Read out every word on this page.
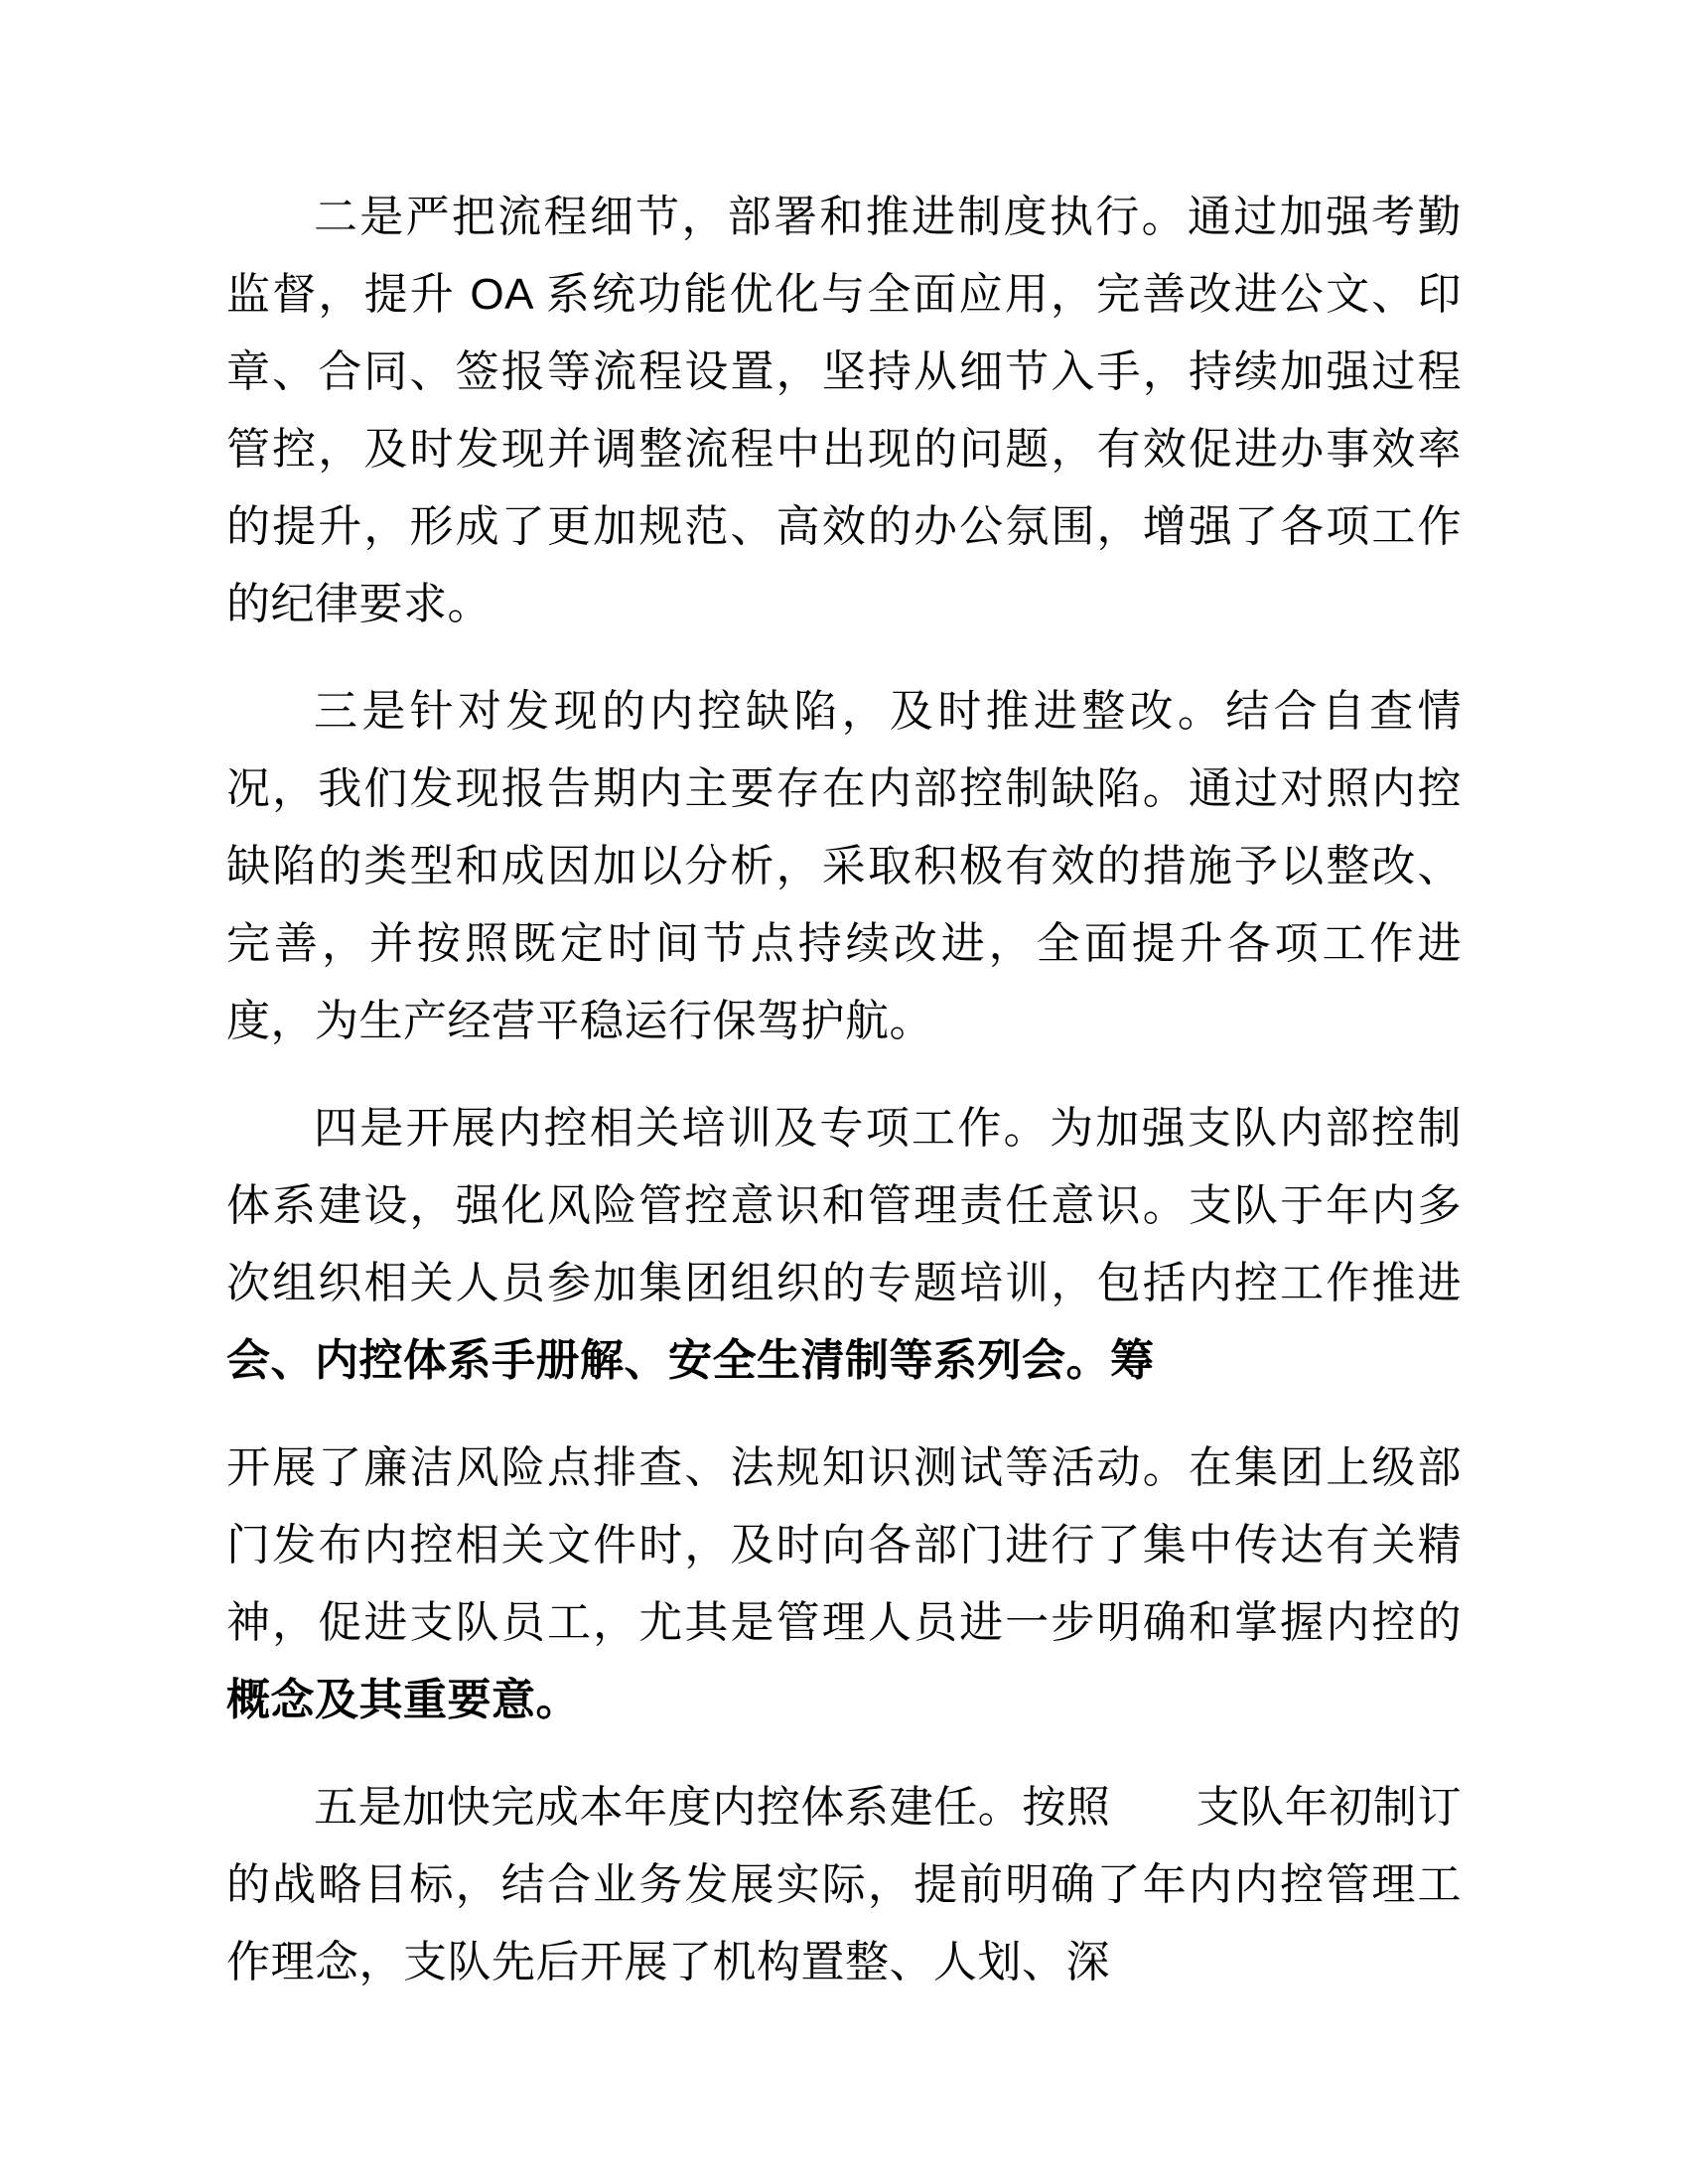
二是严把流程细节，部署和推进制度执行。通过加强考勤监督，提升 OA 系统功能优化与全面应用，完善改进公文、印章、合同、签报等流程设置，坚持从细节入手，持续加强过程管控，及时发现并调整流程中出现的问题，有效促进办事效率的提升，形成了更加规范、高效的办公氛围，增强了各项工作的纪律要求。

三是针对发现的内控缺陷，及时推进整改。结合自查情况，我们发现报告期内主要存在内部控制缺陷。通过对照内控缺陷的类型和成因加以分析，采取积极有效的措施予以整改、完善，并按照既定时间节点持续改进，全面提升各项工作进度，为生产经营平稳运行保驾护航。

四是开展内控相关培训及专项工作。为加强支队内部控制体系建设，强化风险管控意识和管理责任意识。支队于年内多次组织相关人员参加集团组织的专题培训，包括内控工作推进会、内控体系手册解、安全生清制等系列会。筹

开展了廉洁风险点排查、法规知识测试等活动。在集团上级部门发布内控相关文件时，及时向各部门进行了集中传达有关精神，促进支队员工，尤其是管理人员进一步明确和掌握内控的概念及其重要意。

五是加快完成本年度内控体系建任。按照 支队年初制订的战略目标，结合业务发展实际，提前明确了年内内控管理工作理念，支队先后开展了机构置整、人划、深
